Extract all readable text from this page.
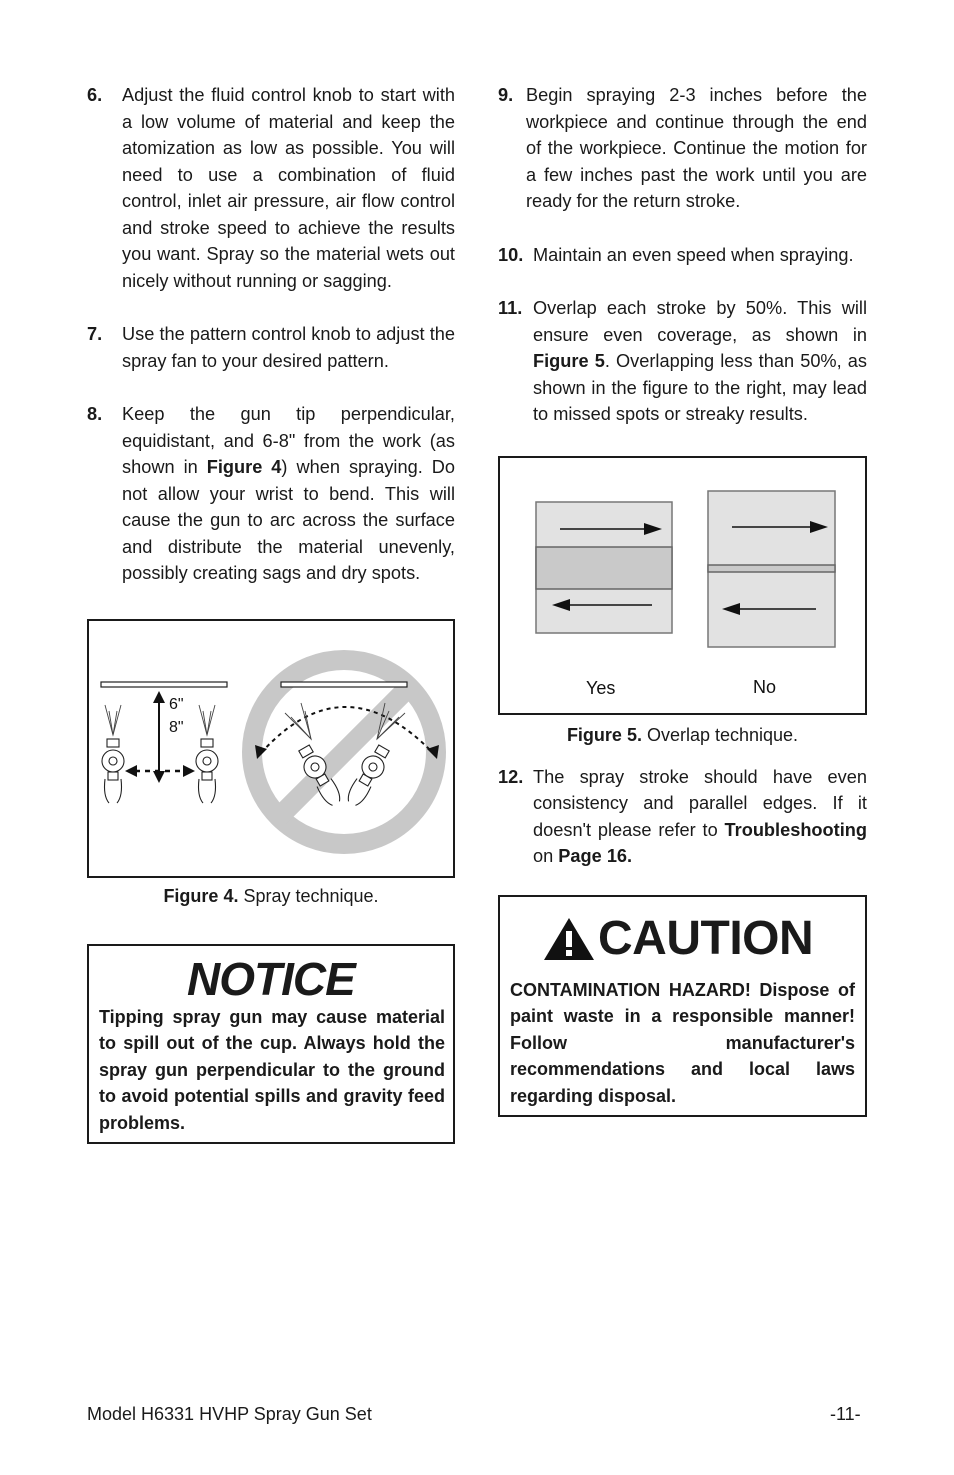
6.	Adjust the fluid control knob to start with a low volume of material and keep the atomization as low as possible. You will need to use a combination of fluid control, inlet air pressure, air flow control and stroke speed to achieve the results you want. Spray so the material wets out nicely without running or sagging.
7.	Use the pattern control knob to adjust the spray fan to your desired pattern.
8.	Keep the gun tip perpendicular, equidistant, and 6-8" from the work (as shown in Figure 4) when spraying. Do not allow your wrist to bend. This will cause the gun to arc across the surface and distribute the material unevenly, possibly creating sags and dry spots.
6"
8"
Figure 4. Spray technique.
NOTICE
Tipping spray gun may cause material to spill out of the cup. Always hold the spray gun perpendicular to the ground to avoid potential spills and gravity feed problems.
9. Begin spraying 2-3 inches before the workpiece and continue through the end of the workpiece. Continue the motion for a few inches past the work until you are ready for the return stroke.
10. Maintain an even speed when spraying.
11. Overlap each stroke by 50%. This will ensure even coverage, as shown in Figure 5. Overlapping less than 50%, as shown in the figure to the right, may lead to missed spots or streaky results.
Yes	No
Figure 5. Overlap technique.
12. The spray stroke should have even consistency and parallel edges. If it doesn't please refer to Troubleshooting on Page 16.
CAUTION
CONTAMINATION HAZARD! Dispose of paint waste in a responsible manner! Follow manufacturer's recommendations and local laws regarding disposal.
Model H6331 HVHP Spray Gun Set	-11-
